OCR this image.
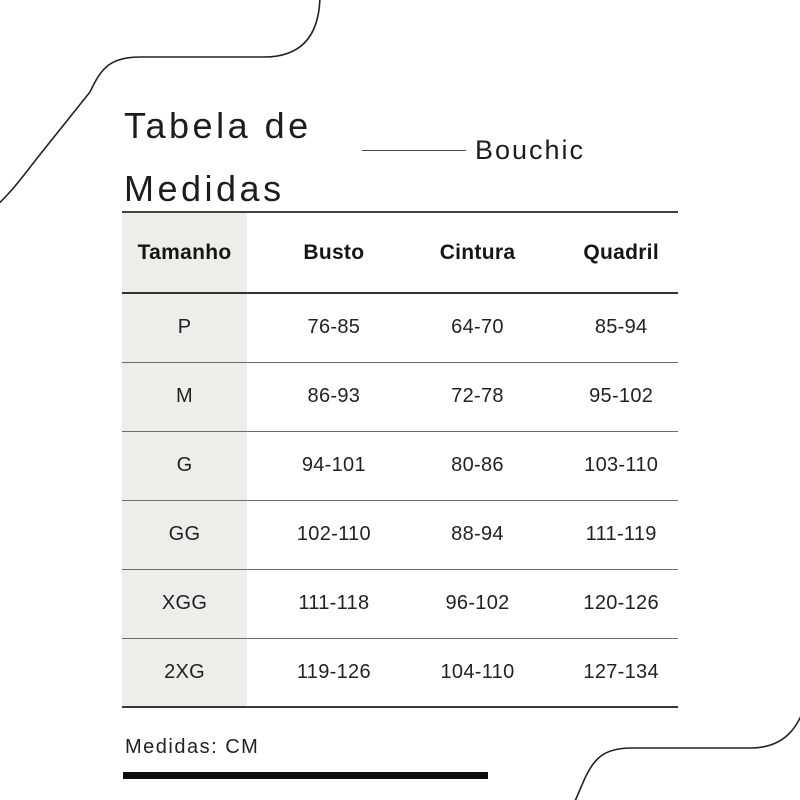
Tabela de
Medidas
Bouchic
Tamanho	Busto	Cintura	Quadril
P	76-85	64-70	85-94
M	86-93	72-78	95-102
G	94-101	80-86	103-110
GG	102-110	88-94	111-119
XGG	111-118	96-102	120-126
2XG	119-126	104-110	127-134
Medidas: CM
